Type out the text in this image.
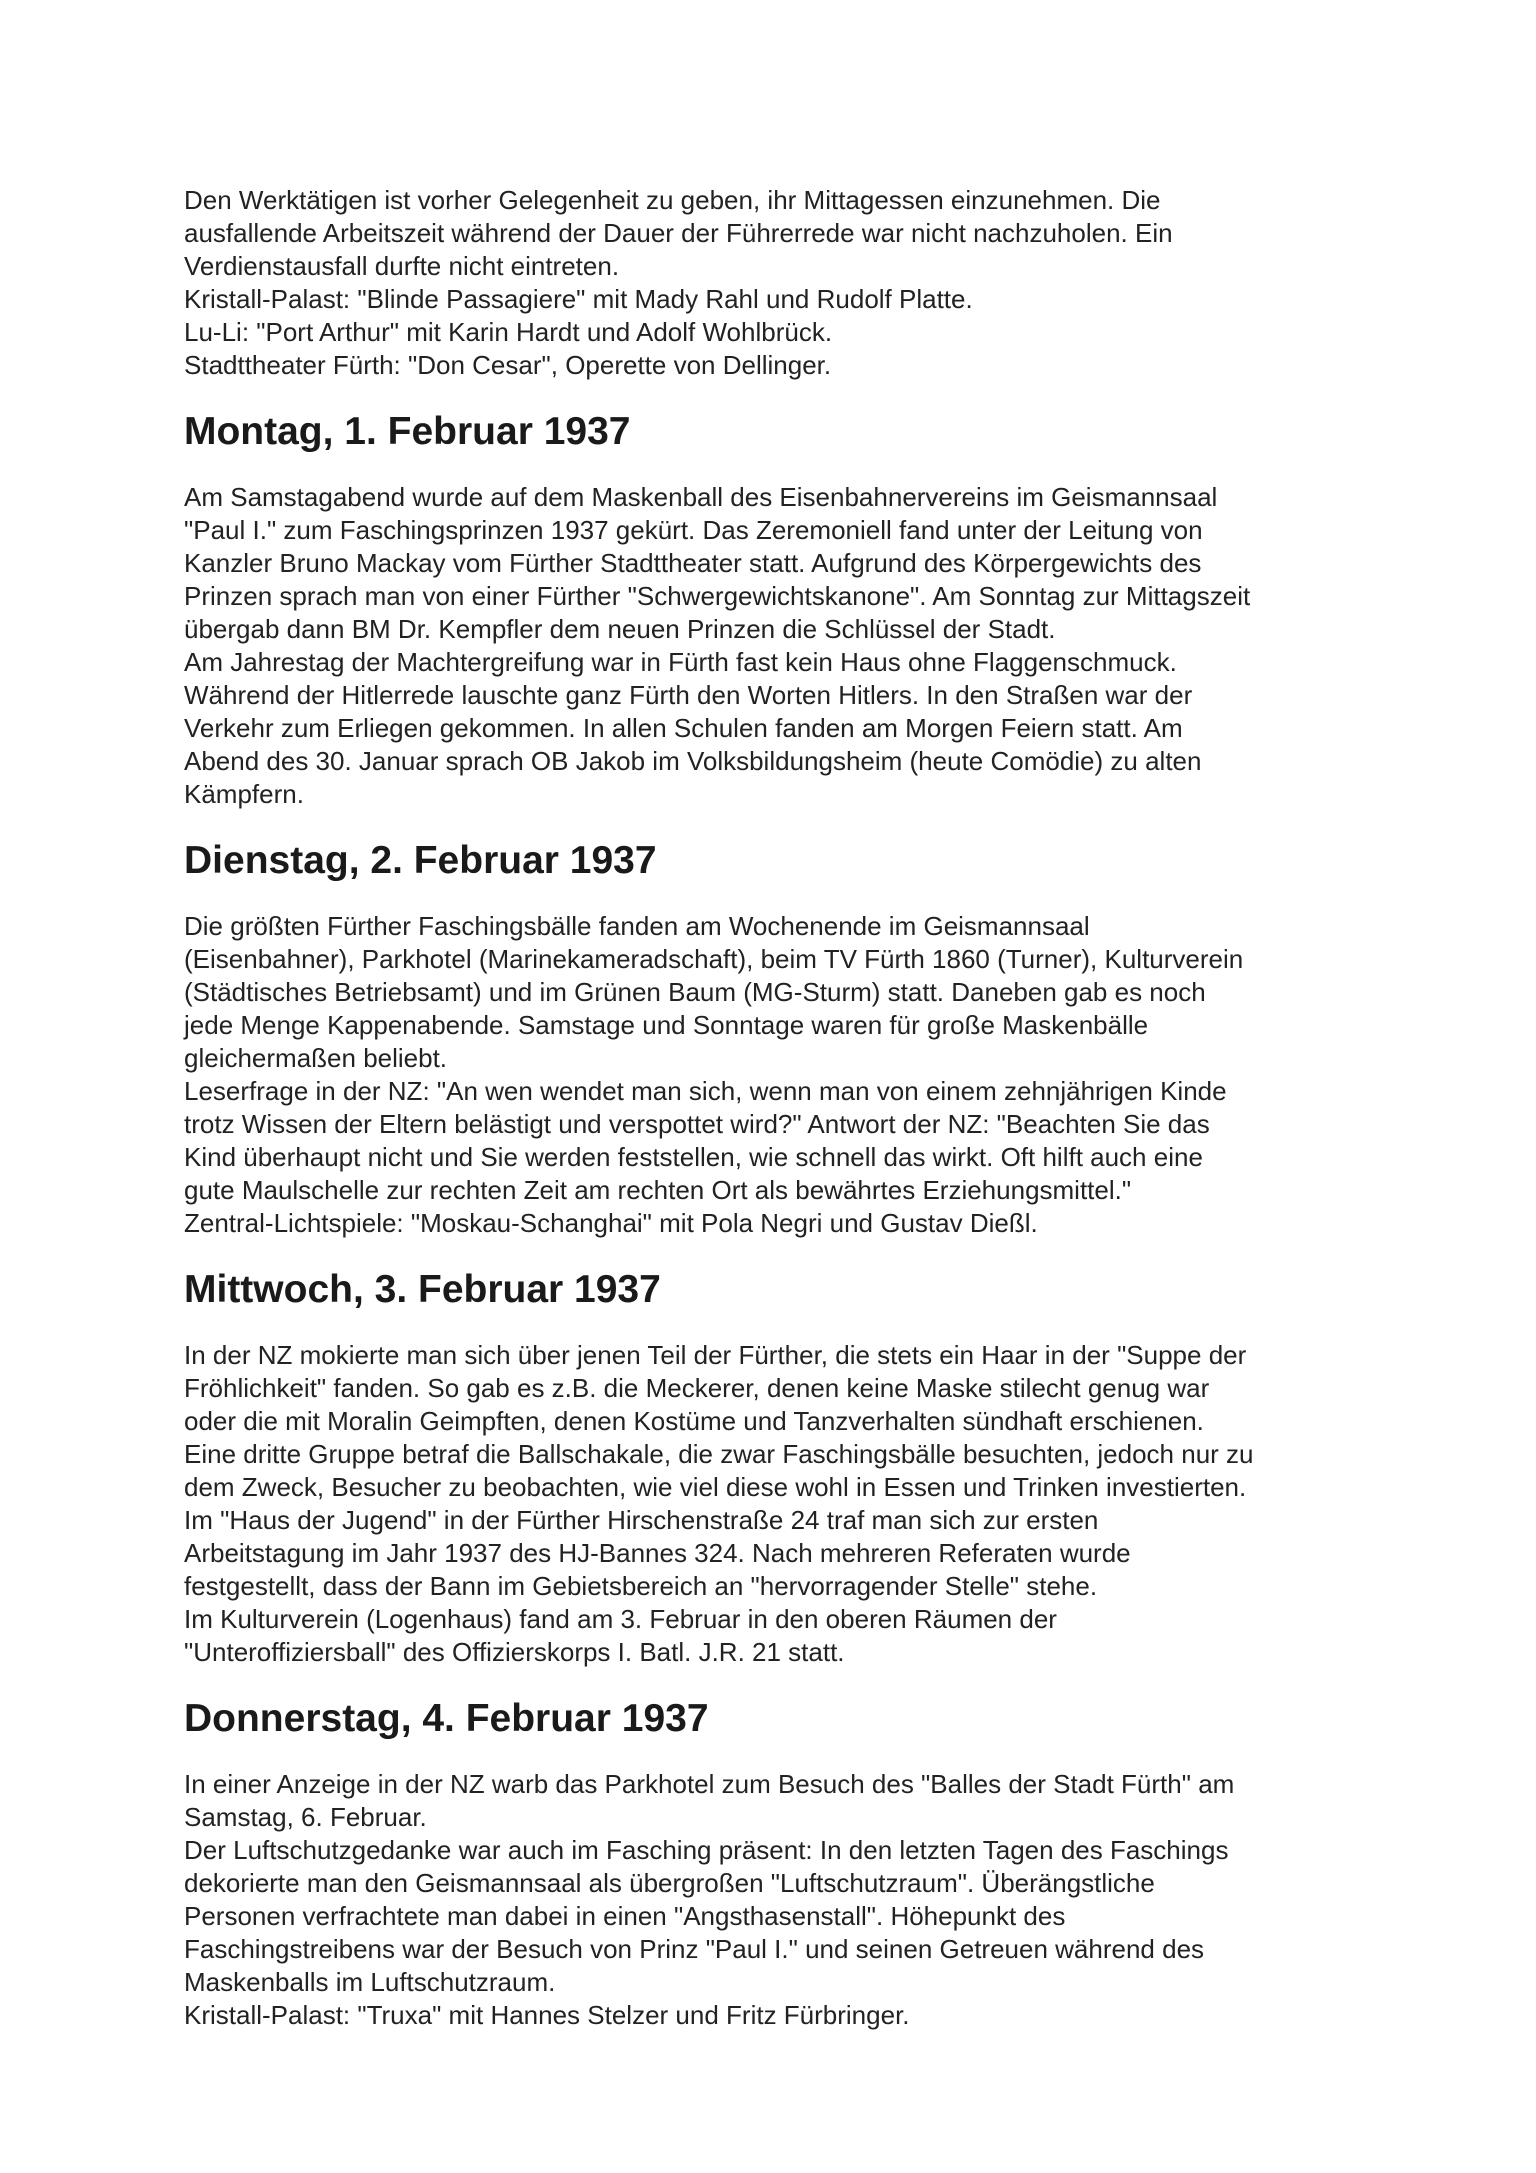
Den Werktätigen ist vorher Gelegenheit zu geben, ihr Mittagessen einzunehmen. Die
ausfallende Arbeitszeit während der Dauer der Führerrede war nicht nachzuholen. Ein
Verdienstausfall durfte nicht eintreten.
Kristall-Palast: "Blinde Passagiere" mit Mady Rahl und Rudolf Platte.
Lu-Li: "Port Arthur" mit Karin Hardt und Adolf Wohlbrück.
Stadttheater Fürth: "Don Cesar", Operette von Dellinger.

Montag, 1. Februar 1937

Am Samstagabend wurde auf dem Maskenball des Eisenbahnervereins im Geismannsaal
"Paul I." zum Faschingsprinzen 1937 gekürt. Das Zeremoniell fand unter der Leitung von
Kanzler Bruno Mackay vom Fürther Stadttheater statt. Aufgrund des Körpergewichts des
Prinzen sprach man von einer Fürther "Schwergewichtskanone". Am Sonntag zur Mittagszeit
übergab dann BM Dr. Kempfler dem neuen Prinzen die Schlüssel der Stadt.
Am Jahrestag der Machtergreifung war in Fürth fast kein Haus ohne Flaggenschmuck.
Während der Hitlerrede lauschte ganz Fürth den Worten Hitlers. In den Straßen war der
Verkehr zum Erliegen gekommen. In allen Schulen fanden am Morgen Feiern statt. Am
Abend des 30. Januar sprach OB Jakob im Volksbildungsheim (heute Comödie) zu alten
Kämpfern.

Dienstag, 2. Februar 1937

Die größten Fürther Faschingsbälle fanden am Wochenende im Geismannsaal
(Eisenbahner), Parkhotel (Marinekameradschaft), beim TV Fürth 1860 (Turner), Kulturverein
(Städtisches Betriebsamt) und im Grünen Baum (MG-Sturm) statt. Daneben gab es noch
jede Menge Kappenabende. Samstage und Sonntage waren für große Maskenbälle
gleichermaßen beliebt.
Leserfrage in der NZ: "An wen wendet man sich, wenn man von einem zehnjährigen Kinde
trotz Wissen der Eltern belästigt und verspottet wird?" Antwort der NZ: "Beachten Sie das
Kind überhaupt nicht und Sie werden feststellen, wie schnell das wirkt. Oft hilft auch eine
gute Maulschelle zur rechten Zeit am rechten Ort als bewährtes Erziehungsmittel."
Zentral-Lichtspiele: "Moskau-Schanghai" mit Pola Negri und Gustav Dießl.

Mittwoch, 3. Februar 1937

In der NZ mokierte man sich über jenen Teil der Fürther, die stets ein Haar in der "Suppe der
Fröhlichkeit" fanden. So gab es z.B. die Meckerer, denen keine Maske stilecht genug war
oder die mit Moralin Geimpften, denen Kostüme und Tanzverhalten sündhaft erschienen.
Eine dritte Gruppe betraf die Ballschakale, die zwar Faschingsbälle besuchten, jedoch nur zu
dem Zweck, Besucher zu beobachten, wie viel diese wohl in Essen und Trinken investierten.
Im "Haus der Jugend" in der Fürther Hirschenstraße 24 traf man sich zur ersten
Arbeitstagung im Jahr 1937 des HJ-Bannes 324. Nach mehreren Referaten wurde
festgestellt, dass der Bann im Gebietsbereich an "hervorragender Stelle" stehe.
Im Kulturverein (Logenhaus) fand am 3. Februar in den oberen Räumen der
"Unteroffiziersball" des Offizierskorps I. Batl. J.R. 21 statt.

Donnerstag, 4. Februar 1937

In einer Anzeige in der NZ warb das Parkhotel zum Besuch des "Balles der Stadt Fürth" am
Samstag, 6. Februar.
Der Luftschutzgedanke war auch im Fasching präsent: In den letzten Tagen des Faschings
dekorierte man den Geismannsaal als übergroßen "Luftschutzraum". Überängstliche
Personen verfrachtete man dabei in einen "Angsthasenstall". Höhepunkt des
Faschingstreibens war der Besuch von Prinz "Paul I." und seinen Getreuen während des
Maskenballs im Luftschutzraum.
Kristall-Palast: "Truxa" mit Hannes Stelzer und Fritz Fürbringer.
